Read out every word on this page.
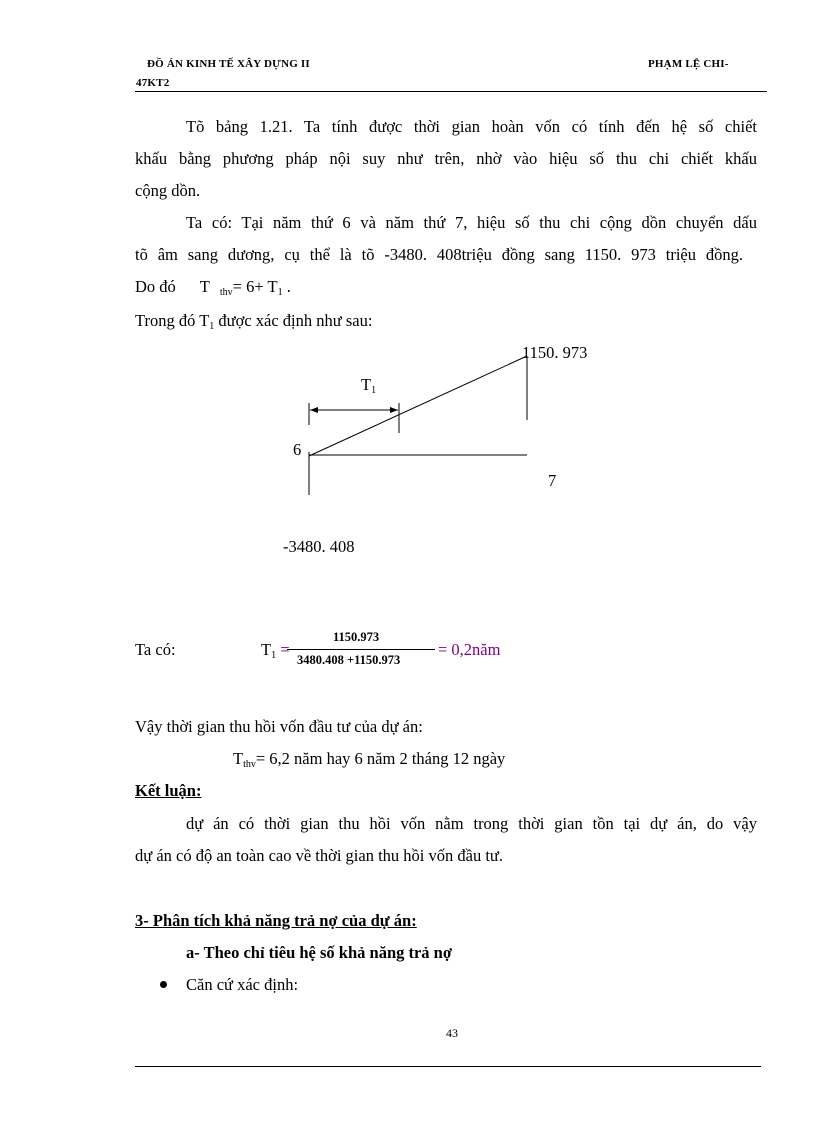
ĐỒ ÁN KINH TẾ XÂY DỰNG II	PHẠM LỆ CHI-
47KT2
Tõ bảng 1.21. Ta tính được thời gian hoàn vốn có tính đến hệ số chiết
khấu bằng phương pháp nội suy như trên, nhờ vào hiệu số thu chi chiết khấu
cộng dồn.
Ta có: Tại năm thứ 6 và năm thứ 7, hiệu số thu chi cộng dồn chuyển dấu
tõ âm sang dương, cụ thể là tõ -3480. 408triệu đồng sang 1150. 973 triệu đồng.
Do đó T $_{thv}= 6+ T_1$ .
Trong đó $T_1$ được xác định như sau:
1150. 973
$T_1$
6
7
-3480. 408
Ta có:	$T_1$ =
1150.973
3480.408 +1150.973
= 0,2năm
Vậy thời gian thu hồi vốn đầu tư của dự án:
$T_{thv}= 6,2$ năm hay 6 năm 2 tháng 12 ngày
Kết luận:
dự án có thời gian thu hồi vốn nằm trong thời gian tồn tại dự án, do vậy
dự án có độ an toàn cao về thời gian thu hồi vốn đầu tư.
3- Phân tích khả năng trả nợ của dự án:
a- Theo chỉ tiêu hệ số khả năng trả nợ
Căn cứ xác định:
43
